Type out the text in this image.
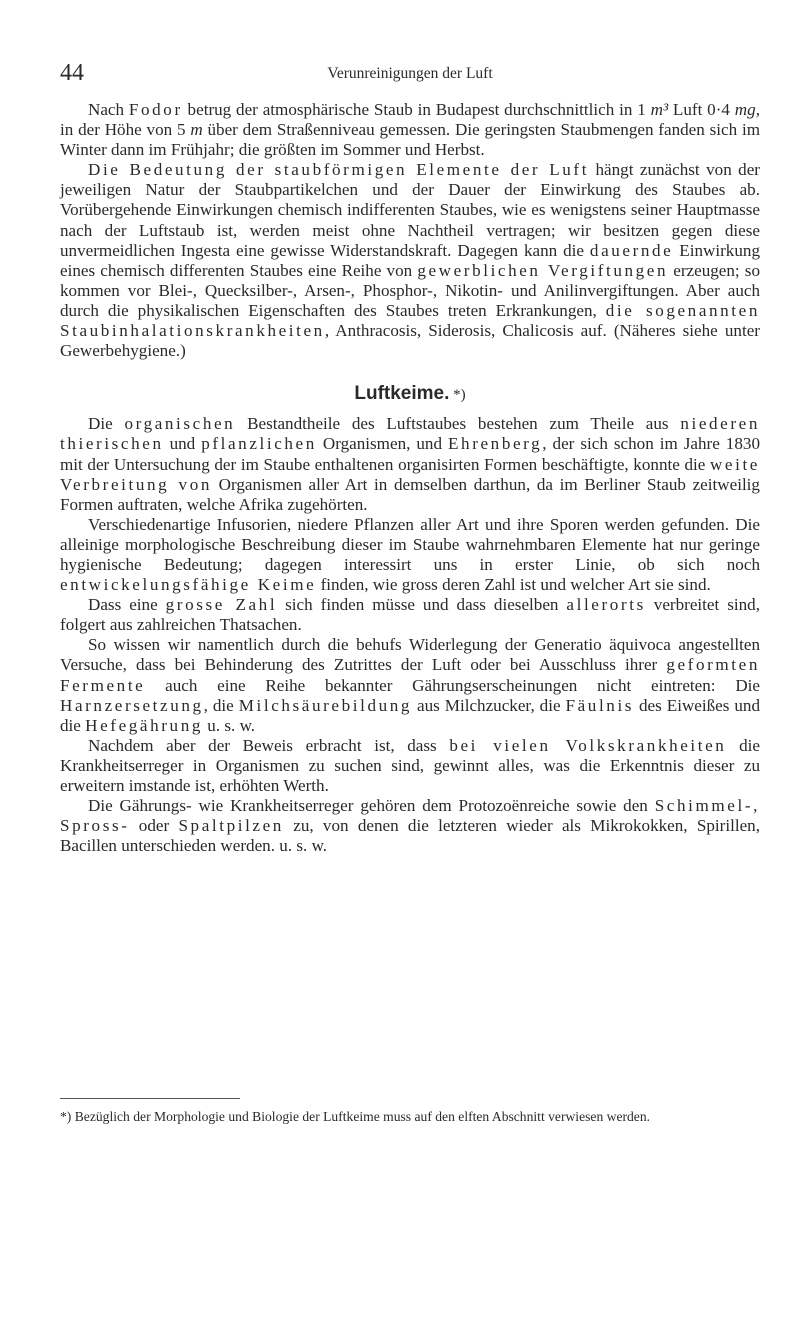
44	Verunreinigungen der Luft

Nach Fodor betrug der atmosphärische Staub in Budapest durchschnittlich in 1 m³ Luft 0·4 mg, in der Höhe von 5 m über dem Straßenniveau gemessen. Die geringsten Staubmengen fanden sich im Winter dann im Frühjahr; die größten im Sommer und Herbst.

Die Bedeutung der staubförmigen Elemente der Luft hängt zunächst von der jeweiligen Natur der Staubpartikelchen und der Dauer der Einwirkung des Staubes ab. Vorübergehende Einwirkungen chemisch indifferenten Staubes, wie es wenigstens seiner Hauptmasse nach der Luftstaub ist, werden meist ohne Nachtheil vertragen; wir besitzen gegen diese unvermeidlichen Ingesta eine gewisse Widerstandskraft. Dagegen kann die dauernde Einwirkung eines chemisch differenten Staubes eine Reihe von gewerblichen Vergiftungen erzeugen; so kommen vor Blei-, Quecksilber-, Arsen-, Phosphor-, Nikotin- und Anilinvergiftungen. Aber auch durch die physikalischen Eigenschaften des Staubes treten Erkrankungen, die sogenannten Staubinhalationskrankheiten, Anthracosis, Siderosis, Chalicosis auf. (Näheres siehe unter Gewerbehygiene.)

Luftkeime. *)

Die organischen Bestandtheile des Luftstaubes bestehen zum Theile aus niederen thierischen und pflanzlichen Organismen, und Ehrenberg, der sich schon im Jahre 1830 mit der Untersuchung der im Staube enthaltenen organisirten Formen beschäftigte, konnte die weite Verbreitung von Organismen aller Art in demselben darthun, da im Berliner Staub zeitweilig Formen auftraten, welche Afrika zugehörten.

Verschiedenartige Infusorien, niedere Pflanzen aller Art und ihre Sporen werden gefunden. Die alleinige morphologische Beschreibung dieser im Staube wahrnehmbaren Elemente hat nur geringe hygienische Bedeutung; dagegen interessirt uns in erster Linie, ob sich noch entwickelungsfähige Keime finden, wie gross deren Zahl ist und welcher Art sie sind.

Dass eine grosse Zahl sich finden müsse und dass dieselben allerorts verbreitet sind, folgert aus zahlreichen Thatsachen.

So wissen wir namentlich durch die behufs Widerlegung der Generatio äquivoca angestellten Versuche, dass bei Behinderung des Zutrittes der Luft oder bei Ausschluss ihrer geformten Fermente auch eine Reihe bekannter Gährungserscheinungen nicht eintreten: Die Harnzersetzung, die Milchsäurebildung aus Milchzucker, die Fäulnis des Eiweißes und die Hefegährung u. s. w.

Nachdem aber der Beweis erbracht ist, dass bei vielen Volkskrankheiten die Krankheitserreger in Organismen zu suchen sind, gewinnt alles, was die Erkenntnis dieser zu erweitern imstande ist, erhöhten Werth.

Die Gährungs- wie Krankheitserreger gehören dem Protozoënreiche sowie den Schimmel-, Spross- oder Spaltpilzen zu, von denen die letzteren wieder als Mikrokokken, Spirillen, Bacillen unterschieden werden. u. s. w.

*) Bezüglich der Morphologie und Biologie der Luftkeime muss auf den elften Abschnitt verwiesen werden.
